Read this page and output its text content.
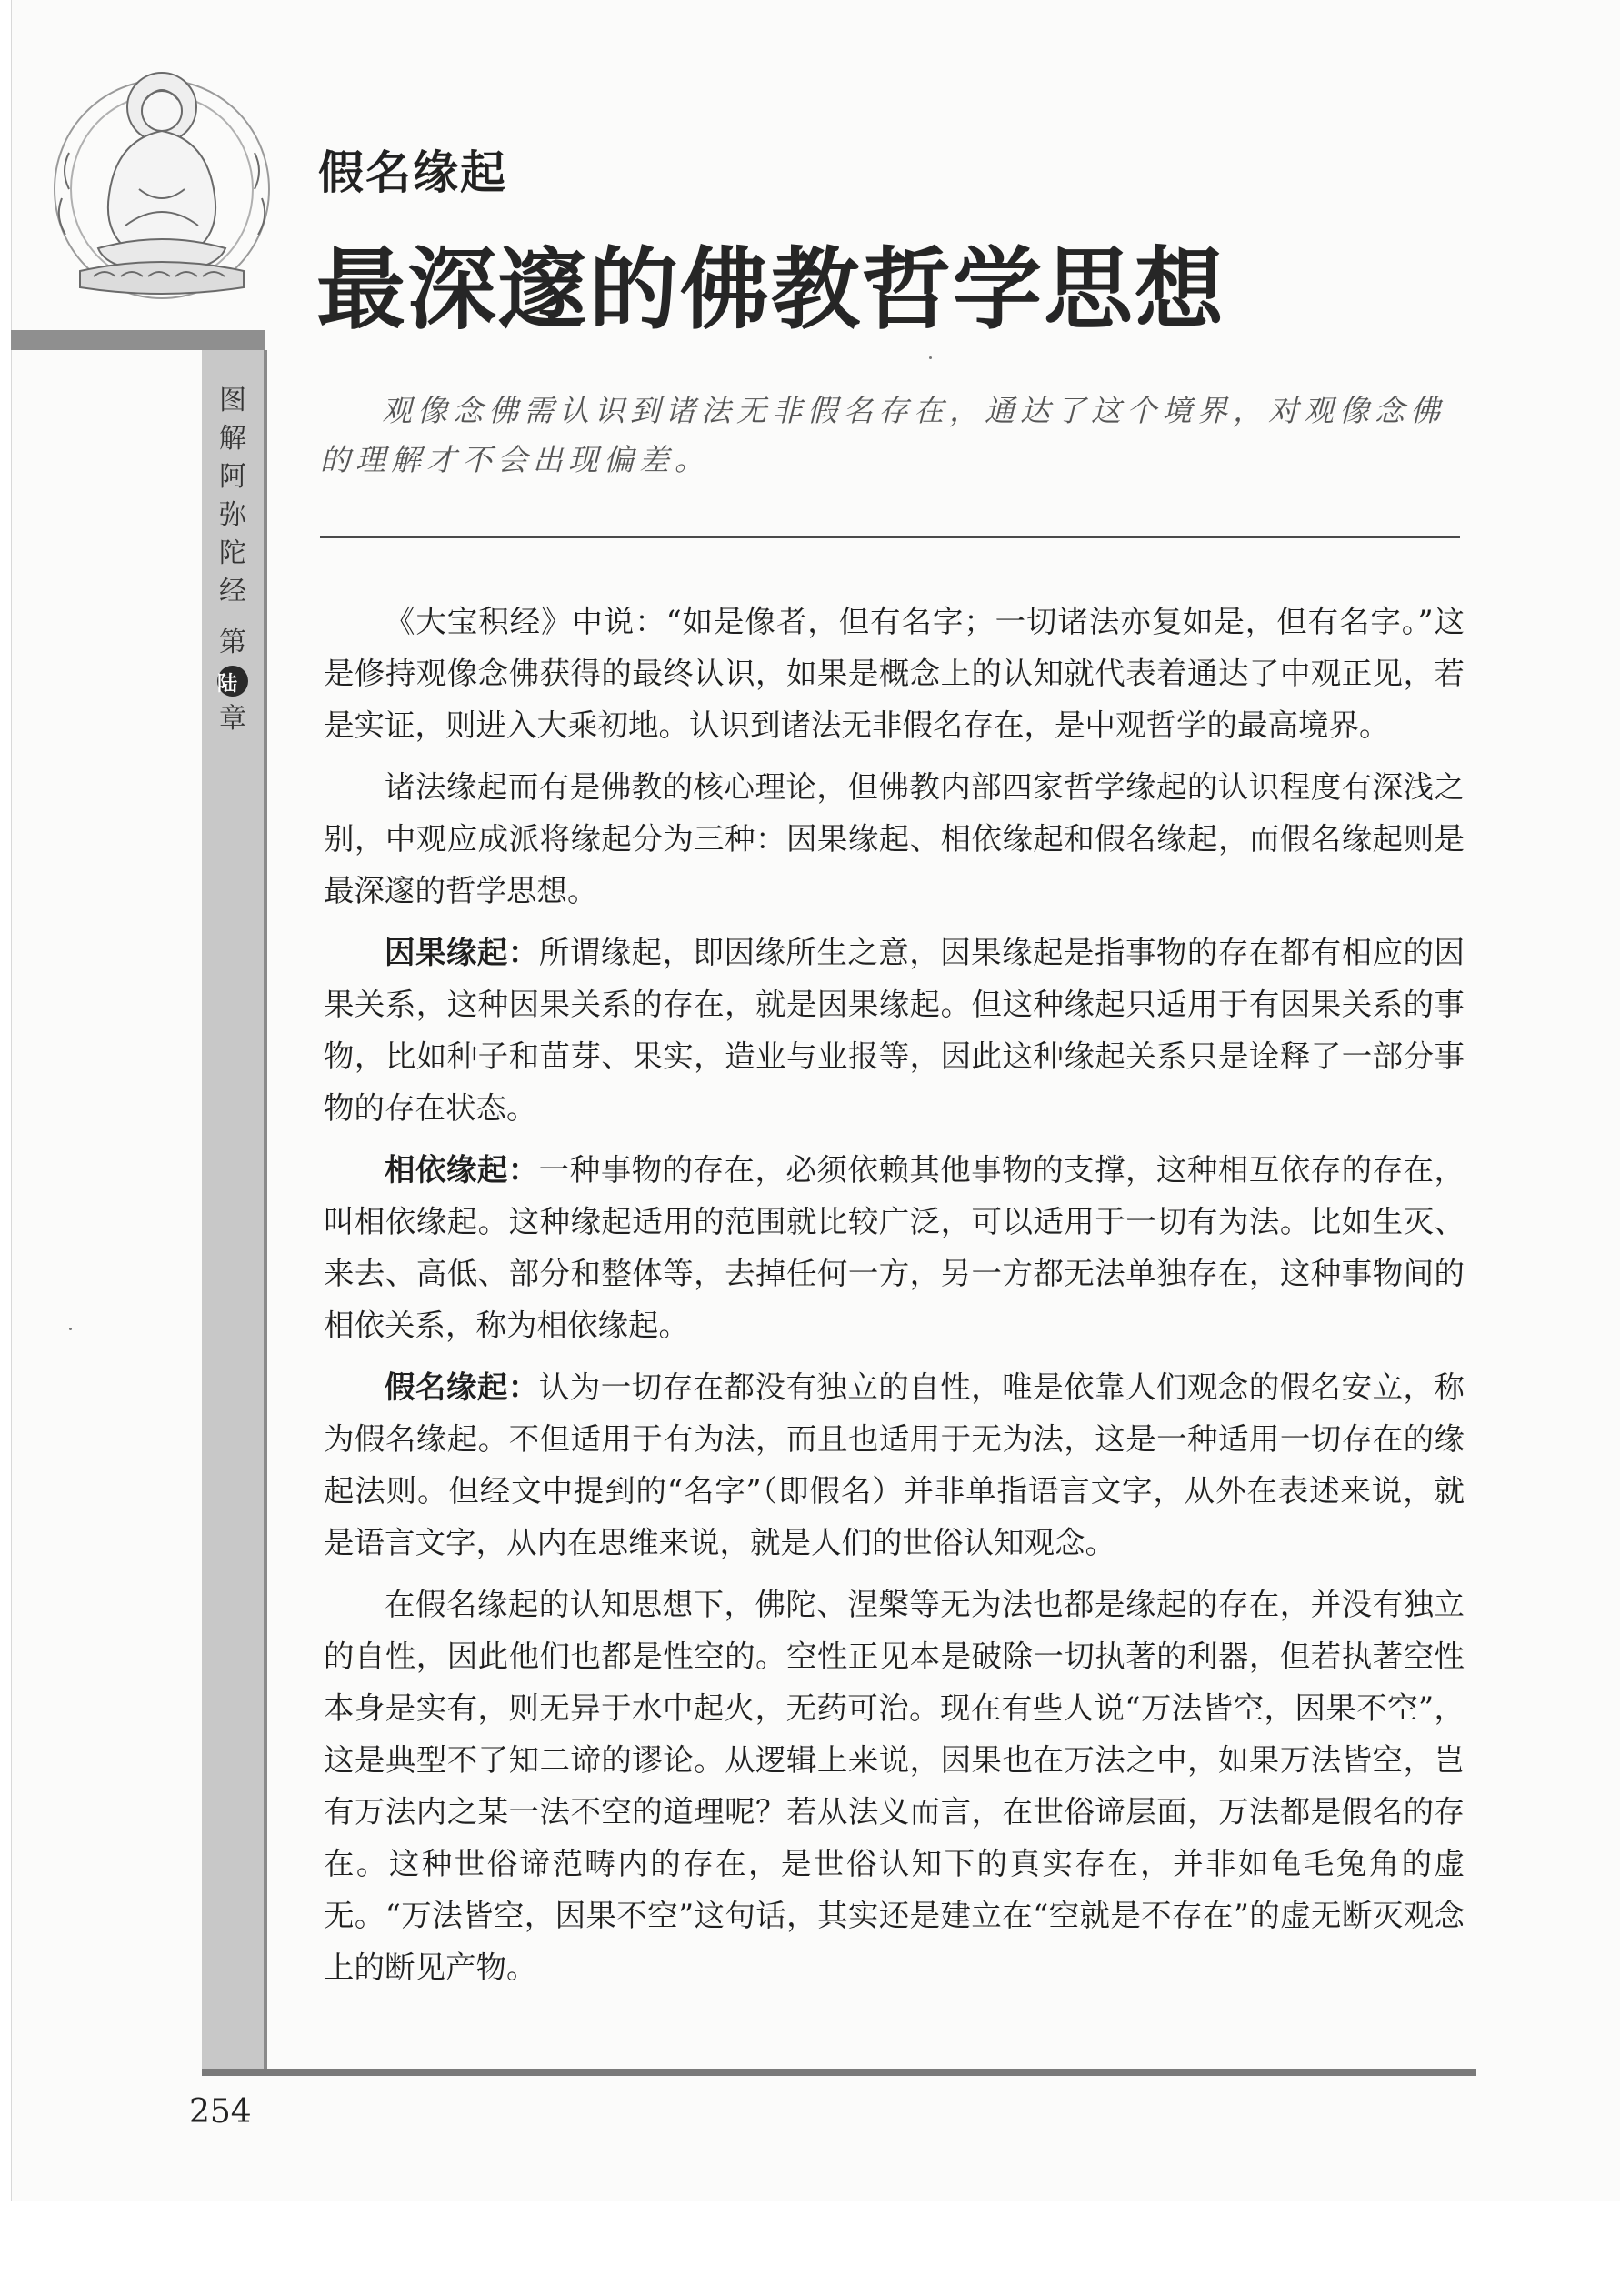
假名缘起
最深邃的佛教哲学思想
图
解
阿
弥
陀
经
第
陆
章

观像念佛需认识到诸法无非假名存在，通达了这个境界，对观像念佛的理解才不会出现偏差。

《大宝积经》中说：“如是像者，但有名字；一切诸法亦复如是，但有名字。”这是修持观像念佛获得的最终认识，如果是概念上的认知就代表着通达了中观正见，若是实证，则进入大乘初地。认识到诸法无非假名存在，是中观哲学的最高境界。

诸法缘起而有是佛教的核心理论，但佛教内部四家哲学缘起的认识程度有深浅之别，中观应成派将缘起分为三种：因果缘起、相依缘起和假名缘起，而假名缘起则是最深邃的哲学思想。

因果缘起：所谓缘起，即因缘所生之意，因果缘起是指事物的存在都有相应的因果关系，这种因果关系的存在，就是因果缘起。但这种缘起只适用于有因果关系的事物，比如种子和苗芽、果实，造业与业报等，因此这种缘起关系只是诠释了一部分事物的存在状态。

相依缘起：一种事物的存在，必须依赖其他事物的支撑，这种相互依存的存在，叫相依缘起。这种缘起适用的范围就比较广泛，可以适用于一切有为法。比如生灭、来去、高低、部分和整体等，去掉任何一方，另一方都无法单独存在，这种事物间的相依关系，称为相依缘起。

假名缘起：认为一切存在都没有独立的自性，唯是依靠人们观念的假名安立，称为假名缘起。不但适用于有为法，而且也适用于无为法，这是一种适用一切存在的缘起法则。但经文中提到的“名字”（即假名）并非单指语言文字，从外在表述来说，就是语言文字，从内在思维来说，就是人们的世俗认知观念。

在假名缘起的认知思想下，佛陀、涅槃等无为法也都是缘起的存在，并没有独立的自性，因此他们也都是性空的。空性正见本是破除一切执著的利器，但若执著空性本身是实有，则无异于水中起火，无药可治。现在有些人说“万法皆空，因果不空”，这是典型不了知二谛的谬论。从逻辑上来说，因果也在万法之中，如果万法皆空，岂有万法内之某一法不空的道理呢？若从法义而言，在世俗谛层面，万法都是假名的存在。这种世俗谛范畴内的存在，是世俗认知下的真实存在，并非如龟毛兔角的虚无。“万法皆空，因果不空”这句话，其实还是建立在“空就是不存在”的虚无断灭观念上的断见产物。

254
